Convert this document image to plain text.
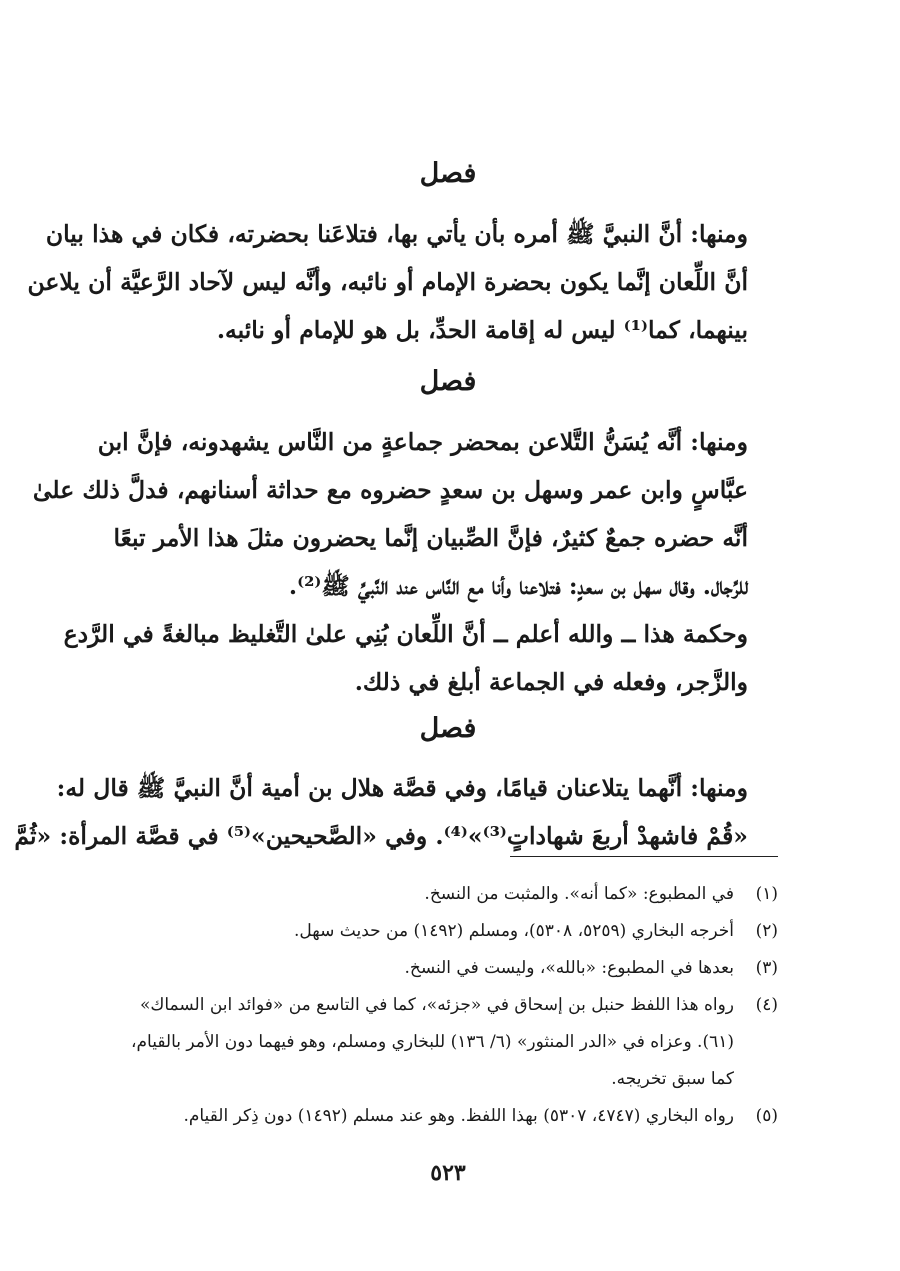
فصل

ومنها: أنَّ النبيَّ ﷺ أمره بأن يأتي بها، فتلاعَنا بحضرته، فكان في هذا بيان
أنَّ اللِّعان إنَّما يكون بحضرة الإمام أو نائبه، وأنَّه ليس لآحاد الرَّعيَّة أن يلاعن
بينهما، كما⁽¹⁾ ليس له إقامة الحدِّ، بل هو للإمام أو نائبه.

فصل

ومنها: أنَّه يُسَنُّ التَّلاعن بمحضر جماعةٍ من النَّاس يشهدونه، فإنَّ ابن
عبَّاسٍ وابن عمر وسهل بن سعدٍ حضروه مع حداثة أسنانهم، فدلَّ ذلك علىٰ
أنَّه حضره جمعٌ كثيرٌ، فإنَّ الصِّبيان إنَّما يحضرون مثلَ هذا الأمر تبعًا
للرِّجال. وقال سهل بن سعدٍ: فتلاعنا وأنا مع النَّاس عند النَّبيِّ ﷺ⁽²⁾.
وحكمة هذا ــ والله أعلم ــ أنَّ اللِّعان بُنِي علىٰ التَّغليظ مبالغةً في الرَّدع
والزَّجر، وفعله في الجماعة أبلغ في ذلك.

فصل

ومنها: أنَّهما يتلاعنان قيامًا، وفي قصَّة هلال بن أمية أنَّ النبيَّ ﷺ قال له:
«قُمْ فاشهدْ أربعَ شهاداتٍ⁽³⁾»⁽⁴⁾. وفي «الصَّحيحين»⁽⁵⁾ في قصَّة المرأة: «ثُمَّ

(١)
في المطبوع: «كما أنه». والمثبت من النسخ.
(٢)
أخرجه البخاري (٥٢٥٩، ٥٣٠٨)، ومسلم (١٤٩٢) من حديث سهل.
(٣)
بعدها في المطبوع: «بالله»، وليست في النسخ.
(٤)
رواه هذا اللفظ حنبل بن إسحاق في «جزئه»، كما في التاسع من «فوائد ابن السماك» (٦١). وعزاه في «الدر المنثور» (٦/ ١٣٦) للبخاري ومسلم، وهو فيهما دون الأمر بالقيام، كما سبق تخريجه.
(٥)
رواه البخاري (٤٧٤٧، ٥٣٠٧) بهذا اللفظ. وهو عند مسلم (١٤٩٢) دون ذِكر القيام.
٥٢٣
